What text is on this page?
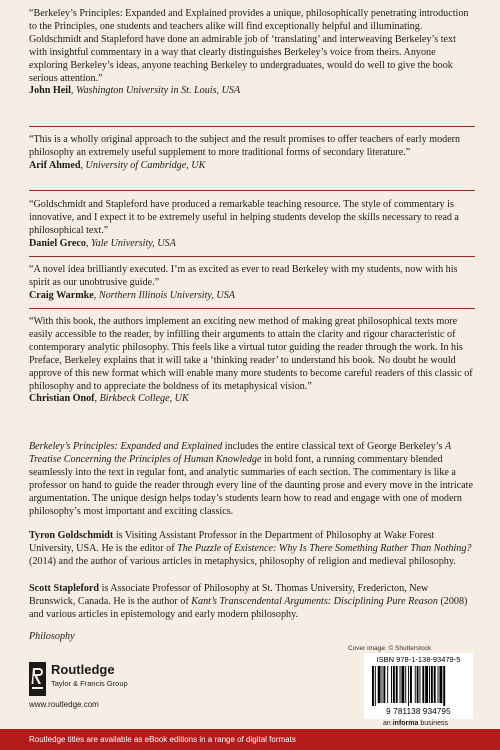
“Berkeley’s Principles: Expanded and Explained provides a unique, philosophically penetrating introduction to the Principles, one students and teachers alike will find exceptionally helpful and illuminating. Goldschmidt and Stapleford have done an admirable job of ‘translating’ and interweaving Berkeley’s text with insightful commentary in a way that clearly distinguishes Berkeley’s voice from theirs. Anyone exploring Berkeley’s ideas, anyone teaching Berkeley to undergraduates, would do well to give the book serious attention.”

John Heil, Washington University in St. Louis, USA

“This is a wholly original approach to the subject and the result promises to offer teachers of early modern philosophy an extremely useful supplement to more traditional forms of secondary literature.”

Arif Ahmed, University of Cambridge, UK

“Goldschmidt and Stapleford have produced a remarkable teaching resource. The style of commentary is innovative, and I expect it to be extremely useful in helping students develop the skills necessary to read a philosophical text.”

Daniel Greco, Yale University, USA

“A novel idea brilliantly executed. I’m as excited as ever to read Berkeley with my students, now with his spirit as our unobtrusive guide.”

Craig Warmke, Northern Illinois University, USA

“With this book, the authors implement an exciting new method of making great philosophical texts more easily accessible to the reader, by infilling their arguments to attain the clarity and rigour characteristic of contemporary analytic philosophy. This feels like a virtual tutor guiding the reader through the work. In his Preface, Berkeley explains that it will take a ‘thinking reader’ to understand his book. No doubt he would approve of this new format which will enable many more students to become careful readers of this classic of philosophy and to appreciate the boldness of its metaphysical vision.”

Christian Onof, Birkbeck College, UK

Berkeley’s Principles: Expanded and Explained includes the entire classical text of George Berkeley’s A Treatise Concerning the Principles of Human Knowledge in bold font, a running commentary blended seamlessly into the text in regular font, and analytic summaries of each section. The commentary is like a professor on hand to guide the reader through every line of the daunting prose and every move in the intricate argumentation. The unique design helps today’s students learn how to read and engage with one of modern philosophy’s most important and exciting classics.

Tyron Goldschmidt is Visiting Assistant Professor in the Department of Philosophy at Wake Forest University, USA. He is the editor of The Puzzle of Existence: Why Is There Something Rather Than Nothing? (2014) and the author of various articles in metaphysics, philosophy of religion and medieval philosophy.

Scott Stapleford is Associate Professor of Philosophy at St. Thomas University, Fredericton, New Brunswick, Canada. He is the author of Kant’s Transcendental Arguments: Disciplining Pure Reason (2008) and various articles in epistemology and early modern philosophy.

Philosophy

Cover image: © Shutterstock
Routledge
Taylor & Francis Group
www.routledge.com
ISBN 978-1-138-93479-5
9 781138 934795
an informa business
Routledge titles are available as eBook editions in a range of digital formats
